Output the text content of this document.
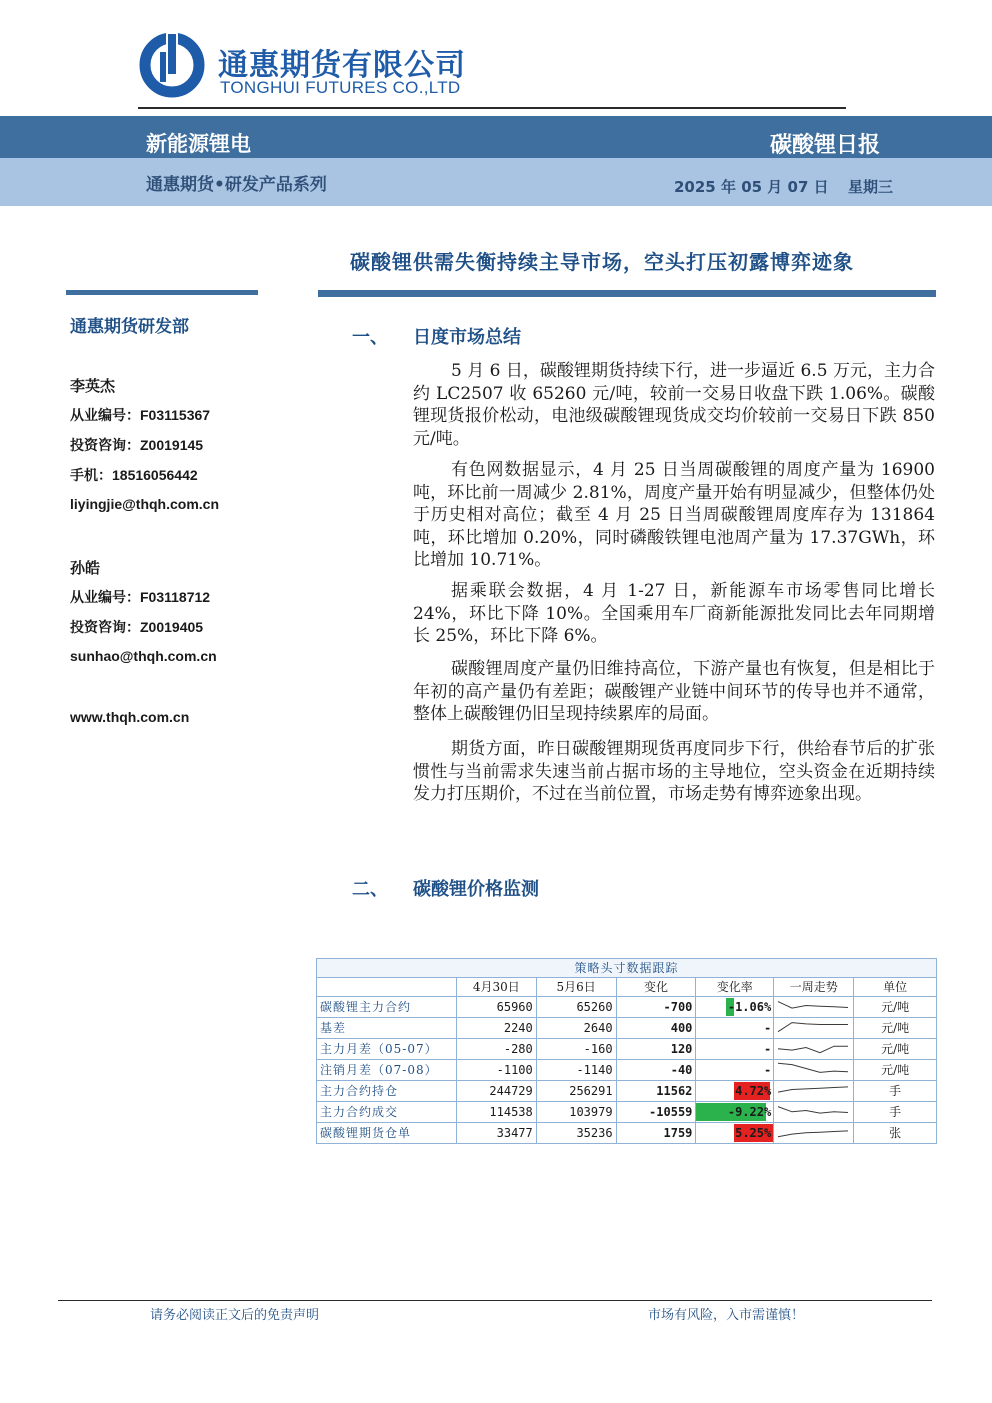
通惠期货有限公司
TONGHUI FUTURES CO.,LTD
新能源锂电	碳酸锂日报
通惠期货•研发产品系列	2025 年 05 月 07 日 星期三
碳酸锂供需失衡持续主导市场，空头打压初露博弈迹象
通惠期货研发部
李英杰
从业编号：F03115367
投资咨询：Z0019145
手机：18516056442
liyingjie@thqh.com.cn
孙皓
从业编号：F03118712
投资咨询：Z0019405
sunhao@thqh.com.cn
www.thqh.com.cn
一、 日度市场总结

5 月 6 日，碳酸锂期货持续下行，进一步逼近 6.5 万元，主力合约 LC2507 收 65260 元/吨，较前一交易日收盘下跌 1.06%。碳酸锂现货报价松动，电池级碳酸锂现货成交均价较前一交易日下跌 850 元/吨。

有色网数据显示，4 月 25 日当周碳酸锂的周度产量为 16900 吨，环比前一周减少 2.81%，周度产量开始有明显减少，但整体仍处于历史相对高位；截至 4 月 25 日当周碳酸锂周度库存为 131864 吨，环比增加 0.20%，同时磷酸铁锂电池周产量为 17.37GWh，环比增加 10.71%。

据乘联会数据，4 月 1-27 日，新能源车市场零售同比增长 24%，环比下降 10%。全国乘用车厂商新能源批发同比去年同期增长 25%，环比下降 6%。

碳酸锂周度产量仍旧维持高位，下游产量也有恢复，但是相比于年初的高产量仍有差距；碳酸锂产业链中间环节的传导也并不通常，整体上碳酸锂仍旧呈现持续累库的局面。

期货方面，昨日碳酸锂期现货再度同步下行，供给春节后的扩张惯性与当前需求失速当前占据市场的主导地位，空头资金在近期持续发力打压期价，不过在当前位置，市场走势有博弈迹象出现。

二、 碳酸锂价格监测
策略头寸数据跟踪						
	4月30日	5月6日	变化	变化率	一周走势	单位
碳酸锂主力合约	65960	65260	-700	-1.06%		元/吨
基差	2240	2640	400	-		元/吨
主力月差（05-07）	-280	-160	120	-		元/吨
注销月差（07-08）	-1100	-1140	-40	-		元/吨
主力合约持仓	244729	256291	11562	4.72%		手
主力合约成交	114538	103979	-10559	-9.22%		手
碳酸锂期货仓单	33477	35236	1759	5.25%		张
请务必阅读正文后的免责声明	市场有风险，入市需谨慎！
